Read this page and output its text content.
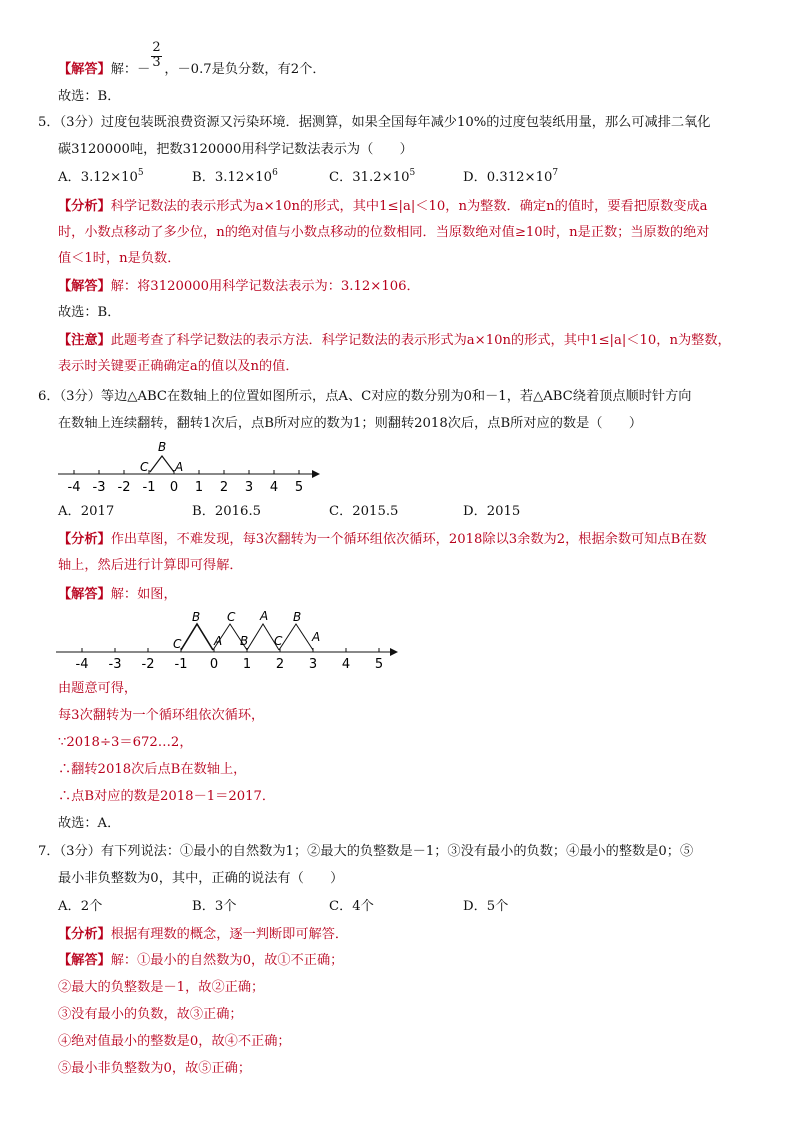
2
3
【解答】解：－ ，－0.7是负分数，有2个．
故选：B．
5．（3分）过度包装既浪费资源又污染环境．据测算，如果全国每年减少10%的过度包装纸用量，那么可减排二氧化
碳3120000吨，把数3120000用科学记数法表示为（　　）
A．$3.12\times 10^5$	B．$3.12\times 10^6$	C．$31.2\times 10^5$	D．$0.312\times 10^7$
【分析】科学记数法的表示形式为a×10n的形式，其中1≤|a|＜10，n为整数．确定n的值时，要看把原数变成a
时，小数点移动了多少位，n的绝对值与小数点移动的位数相同．当原数绝对值≥10时，n是正数；当原数的绝对
值＜1时，n是负数．
【解答】解：将3120000用科学记数法表示为：3.12×106．
故选：B．
【注意】此题考查了科学记数法的表示方法．科学记数法的表示形式为a×10n的形式，其中1≤|a|＜10，n为整数，
表示时关键要正确确定a的值以及n的值．
6．（3分）等边△ABC在数轴上的位置如图所示，点A、C对应的数分别为0和－1，若△ABC绕着顶点顺时针方向
在数轴上连续翻转，翻转1次后，点B所对应的数为1；则翻转2018次后，点B所对应的数是（　　）
-4 -3 -2 -1 0 1 2 3 4 5
B
C A
A．2017	B．2016.5	C．2015.5	D．2015
【分析】作出草图，不难发现，每3次翻转为一个循环组依次循环，2018除以3余数为2，根据余数可知点B在数
轴上，然后进行计算即可得解．
【解答】解：如图，
-4 -3 -2 -1 0 1 2 3 4 5
B C A B
C	A B C A
由题意可得，
每3次翻转为一个循环组依次循环，
∵2018÷3＝672…2，
∴翻转2018次后点B在数轴上，
∴点B对应的数是2018－1＝2017．
故选：A．
7．（3分）有下列说法：①最小的自然数为1；②最大的负整数是－1；③没有最小的负数；④最小的整数是0；⑤
最小非负整数为0，其中，正确的说法有（　　）
A．2个	B．3个	C．4个	D．5个
【分析】根据有理数的概念，逐一判断即可解答．
【解答】解：①最小的自然数为0，故①不正确；
②最大的负整数是－1，故②正确；
③没有最小的负数，故③正确；
④绝对值最小的整数是0，故④不正确；
⑤最小非负整数为0，故⑤正确；
